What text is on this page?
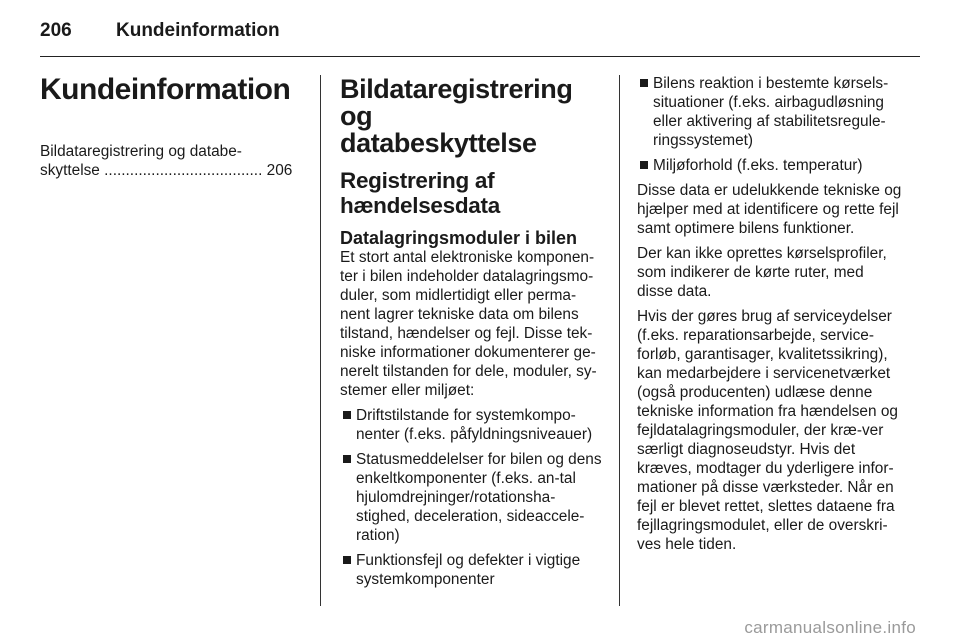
206 Kundeinformation
Kundeinformation
Bildataregistrering og databe-
skyttelse ..................................... 206
Bildataregistrering og
databeskyttelse
Registrering af
hændelsesdata
Datalagringsmoduler i bilen

Et stort antal elektroniske komponen-ter i bilen indeholder datalagringsmo-duler, som midlertidigt eller perma-nent lagrer tekniske data om bilens tilstand, hændelser og fejl. Disse tek-niske informationer dokumenterer ge-nerelt tilstanden for dele, moduler, sy-stemer eller miljøet:

Driftstilstande for systemkompo-nenter (f.eks. påfyldningsniveauer)
Statusmeddelelser for bilen og dens enkeltkomponenter (f.eks. an-tal hjulomdrejninger/rotationsha-stighed, deceleration, sideaccele-ration)
Funktionsfejl og defekter i vigtige systemkomponenter
Bilens reaktion i bestemte kørsels-situationer (f.eks. airbagudløsning eller aktivering af stabilitetsregule-ringssystemet)
Miljøforhold (f.eks. temperatur)

Disse data er udelukkende tekniske og hjælper med at identificere og rette fejl samt optimere bilens funktioner.

Der kan ikke oprettes kørselsprofiler, som indikerer de kørte ruter, med disse data.

Hvis der gøres brug af serviceydelser (f.eks. reparationsarbejde, service-forløb, garantisager, kvalitetssikring), kan medarbejdere i servicenetværket (også producenten) udlæse denne tekniske information fra hændelsen og fejldatalagringsmoduler, der kræ-ver særligt diagnoseudstyr. Hvis det kræves, modtager du yderligere infor-mationer på disse værksteder. Når en fejl er blevet rettet, slettes dataene fra fejllagringsmodulet, eller de overskri-ves hele tiden.

carmanualsonline.info
